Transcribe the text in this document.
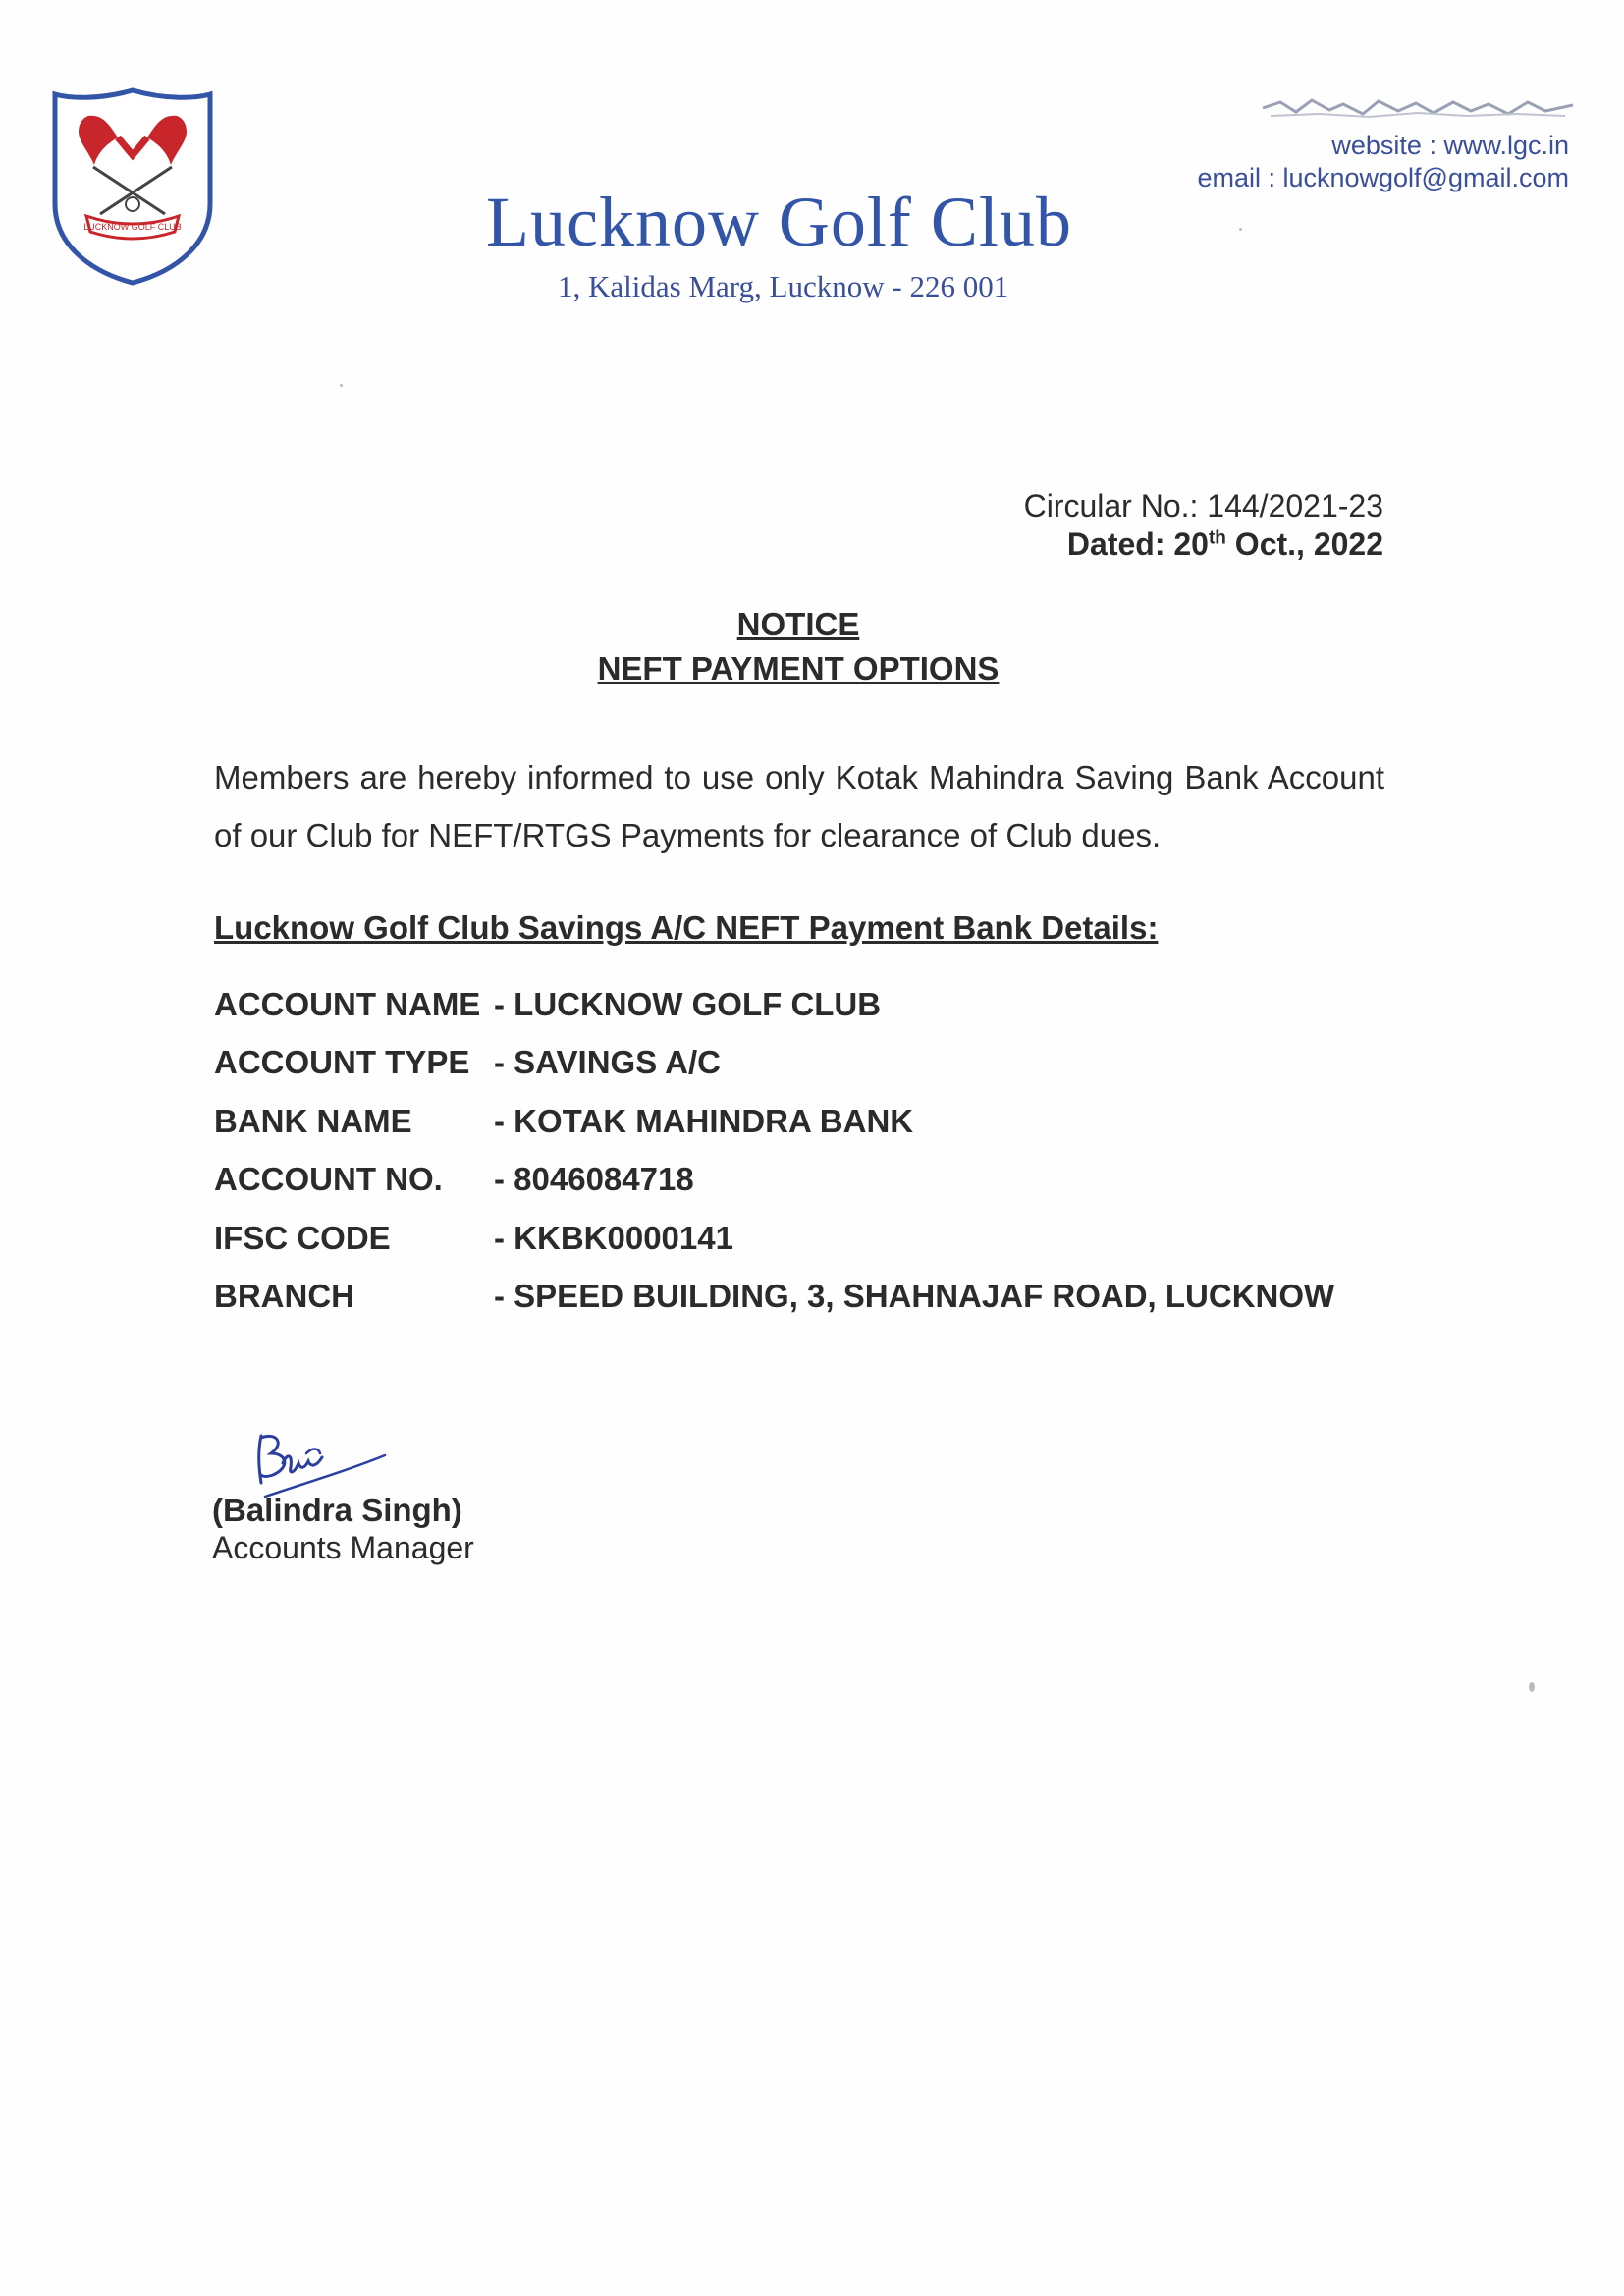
LUCKNOW GOLF CLUB
website : www.lgc.in
email : lucknowgolf@gmail.com
Lucknow Golf Club
1, Kalidas Marg, Lucknow - 226 001
Circular No.: 144/2021-23
Dated: 20th Oct., 2022
NOTICE
NEFT PAYMENT OPTIONS
Members are hereby informed to use only Kotak Mahindra Saving Bank Account of our Club for NEFT/RTGS Payments for clearance of Club dues.
Lucknow Golf Club Savings A/C NEFT Payment Bank Details:
ACCOUNT NAME - LUCKNOW GOLF CLUB
ACCOUNT TYPE - SAVINGS A/C
BANK NAME	- KOTAK MAHINDRA BANK
ACCOUNT NO. - 8046084718
IFSC CODE	- KKBK0000141
BRANCH	- SPEED BUILDING, 3, SHAHNAJAF ROAD, LUCKNOW
(Balindra Singh)
Accounts Manager
